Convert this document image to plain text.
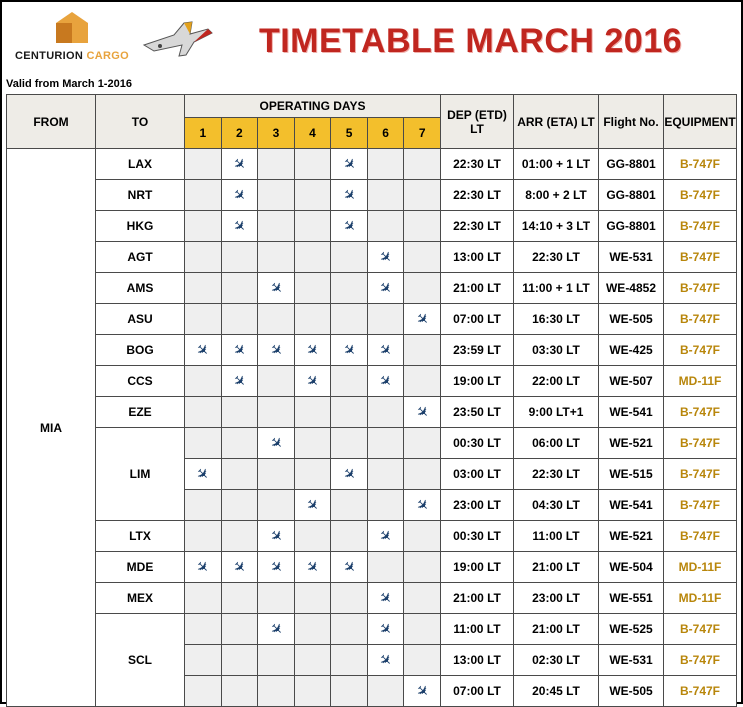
CENTURION CARGO	TIMETABLE MARCH 2016
Valid from March 1-2016
FROM	TO	OPERATING DAYS							DEP (ETD) LT	ARR (ETA) LT	Flight No.	EQUIPMENT
		1	2	3	4	5	6	7				
MIA	LAX		✈			✈			22:30 LT	01:00 + 1 LT	GG-8801	B-747F
	NRT		✈			✈			22:30 LT	8:00 + 2 LT	GG-8801	B-747F
	HKG		✈			✈			22:30 LT	14:10 + 3 LT	GG-8801	B-747F
	AGT						✈		13:00 LT	22:30 LT	WE-531	B-747F
	AMS			✈			✈		21:00 LT	11:00 + 1 LT	WE-4852	B-747F
	ASU							✈	07:00 LT	16:30 LT	WE-505	B-747F
	BOG	✈	✈	✈	✈	✈	✈		23:59 LT	03:30 LT	WE-425	B-747F
	CCS		✈		✈		✈		19:00 LT	22:00 LT	WE-507	MD-11F
	EZE							✈	23:50 LT	9:00 LT+1	WE-541	B-747F
	LIM			✈					00:30 LT	06:00 LT	WE-521	B-747F
		✈				✈			03:00 LT	22:30 LT	WE-515	B-747F
					✈			✈	23:00 LT	04:30 LT	WE-541	B-747F
	LTX			✈			✈		00:30 LT	11:00 LT	WE-521	B-747F
	MDE	✈	✈	✈	✈	✈			19:00 LT	21:00 LT	WE-504	MD-11F
	MEX						✈		21:00 LT	23:00 LT	WE-551	MD-11F
	SCL			✈			✈		11:00 LT	21:00 LT	WE-525	B-747F
							✈		13:00 LT	02:30 LT	WE-531	B-747F
								✈	07:00 LT	20:45 LT	WE-505	B-747F
